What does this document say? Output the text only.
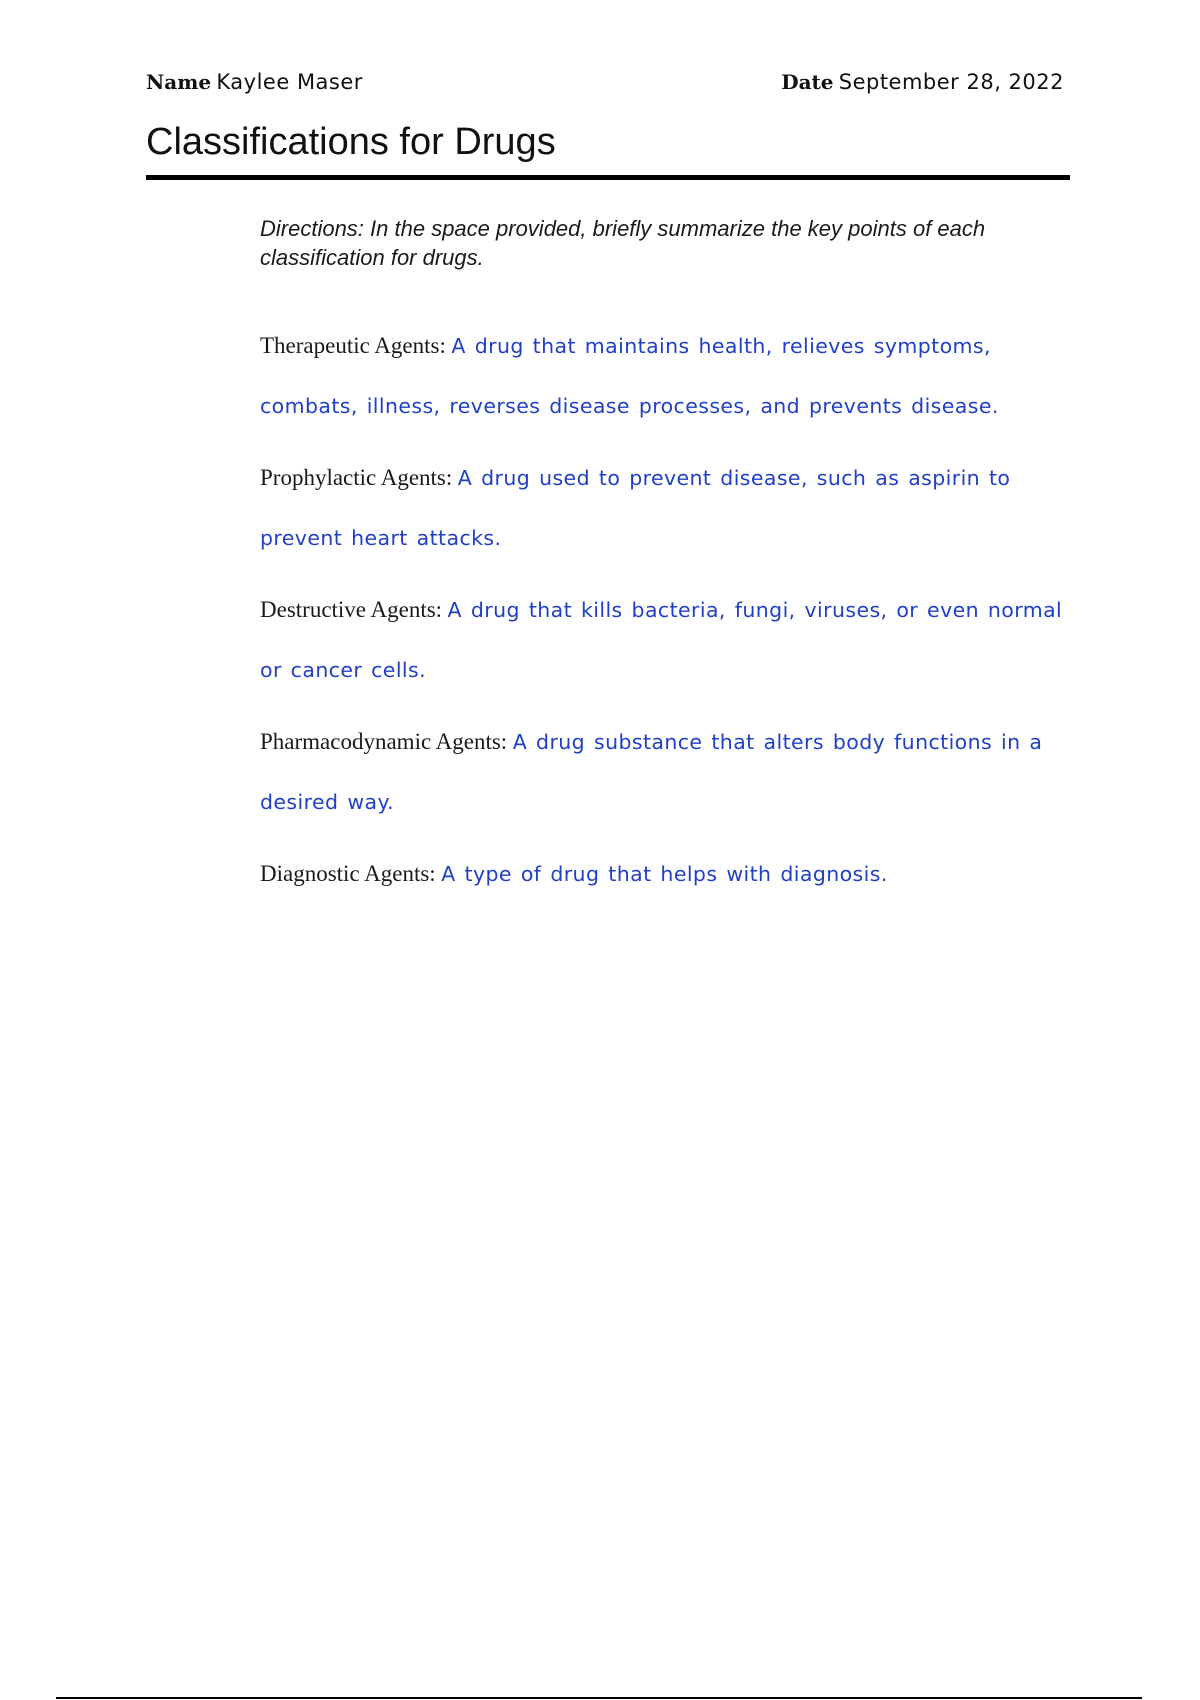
Name Kaylee Maser	Date September 28, 2022
Classifications for Drugs

Directions: In the space provided, briefly summarize the key points of each classification for drugs.

Therapeutic Agents: A drug that maintains health, relieves symptoms, combats, illness, reverses disease processes, and prevents disease.

Prophylactic Agents: A drug used to prevent disease, such as aspirin to prevent heart attacks.

Destructive Agents: A drug that kills bacteria, fungi, viruses, or even normal or cancer cells.

Pharmacodynamic Agents: A drug substance that alters body functions in a desired way.

Diagnostic Agents: A type of drug that helps with diagnosis.
